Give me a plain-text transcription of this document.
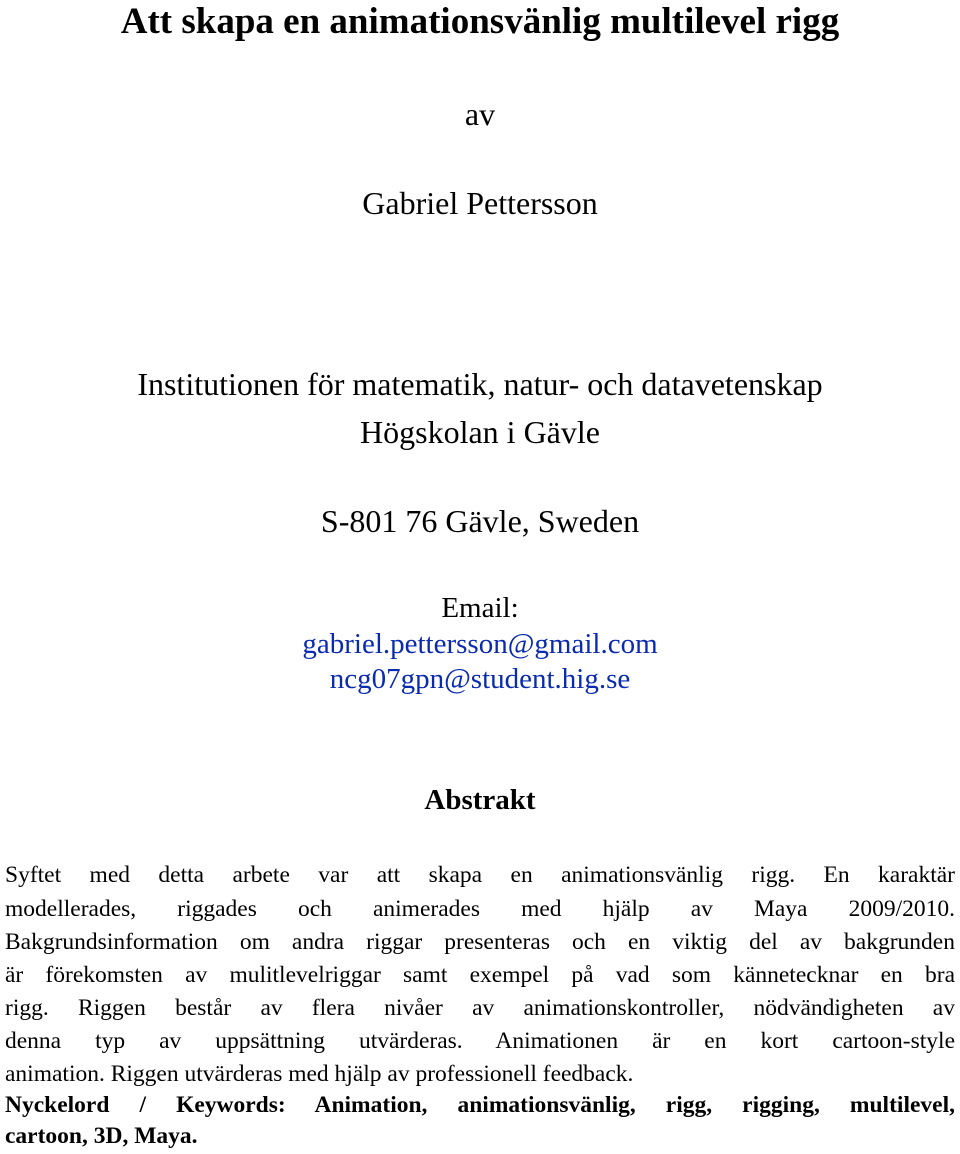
Att skapa en animationsvänlig multilevel rigg
av
Gabriel Pettersson
Institutionen för matematik, natur- och datavetenskap
Högskolan i Gävle
S-801 76 Gävle, Sweden
Email:
gabriel.pettersson@gmail.com
ncg07gpn@student.hig.se
Abstrakt
Syftet med detta arbete var att skapa en animationsvänlig rigg. En karaktär
modellerades, riggades och animerades med hjälp av Maya 2009/2010.
Bakgrundsinformation om andra riggar presenteras och en viktig del av bakgrunden
är förekomsten av mulitlevelriggar samt exempel på vad som kännetecknar en bra
rigg. Riggen består av flera nivåer av animationskontroller, nödvändigheten av
denna typ av uppsättning utvärderas. Animationen är en kort cartoon-style
animation. Riggen utvärderas med hjälp av professionell feedback.
Nyckelord / Keywords: Animation, animationsvänlig, rigg, rigging, multilevel,
cartoon, 3D, Maya.
